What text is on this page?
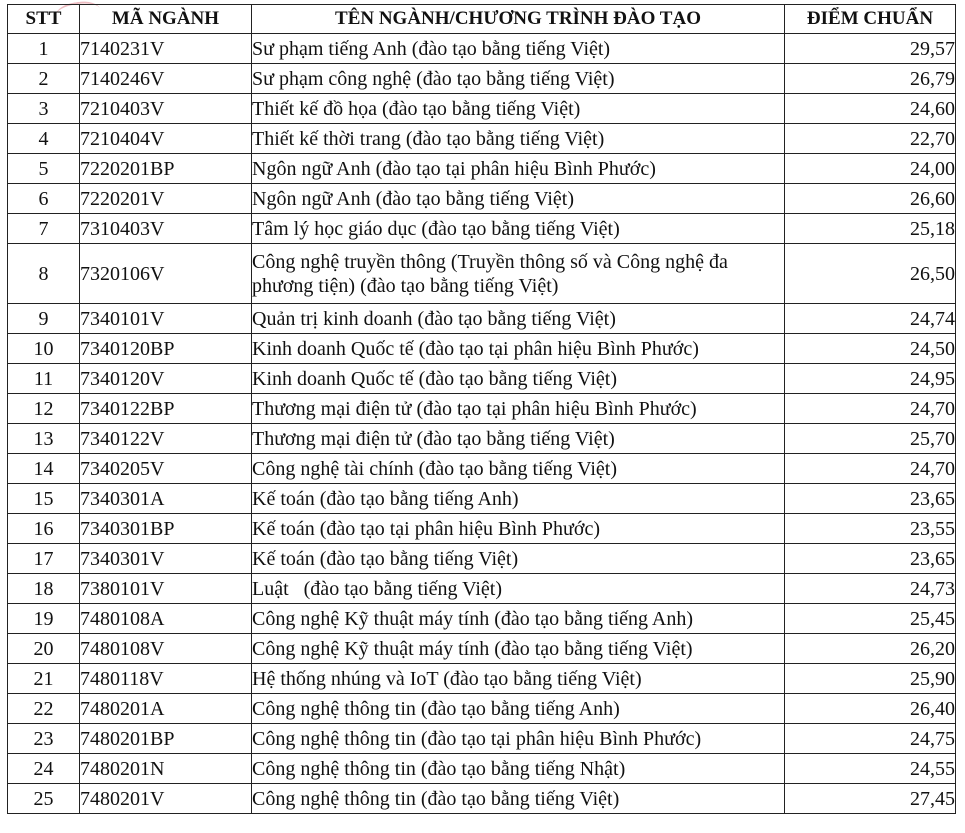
STT	MÃ NGÀNH	TÊN NGÀNH/CHƯƠNG TRÌNH ĐÀO TẠO	ĐIỂM CHUẨN
1	7140231V	Sư phạm tiếng Anh (đào tạo bằng tiếng Việt)	29,57
2	7140246V	Sư phạm công nghệ (đào tạo bằng tiếng Việt)	26,79
3	7210403V	Thiết kế đồ họa (đào tạo bằng tiếng Việt)	24,60
4	7210404V	Thiết kế thời trang (đào tạo bằng tiếng Việt)	22,70
5	7220201BP	Ngôn ngữ Anh (đào tạo tại phân hiệu Bình Phước)	24,00
6	7220201V	Ngôn ngữ Anh (đào tạo bằng tiếng Việt)	26,60
7	7310403V	Tâm lý học giáo dục (đào tạo bằng tiếng Việt)	25,18
8	7320106V	Công nghệ truyền thông (Truyền thông số và Công nghệ đa phương tiện) (đào tạo bằng tiếng Việt)	26,50
9	7340101V	Quản trị kinh doanh (đào tạo bằng tiếng Việt)	24,74
10	7340120BP	Kinh doanh Quốc tế (đào tạo tại phân hiệu Bình Phước)	24,50
11	7340120V	Kinh doanh Quốc tế (đào tạo bằng tiếng Việt)	24,95
12	7340122BP	Thương mại điện tử (đào tạo tại phân hiệu Bình Phước)	24,70
13	7340122V	Thương mại điện tử (đào tạo bằng tiếng Việt)	25,70
14	7340205V	Công nghệ tài chính (đào tạo bằng tiếng Việt)	24,70
15	7340301A	Kế toán (đào tạo bằng tiếng Anh)	23,65
16	7340301BP	Kế toán (đào tạo tại phân hiệu Bình Phước)	23,55
17	7340301V	Kế toán (đào tạo bằng tiếng Việt)	23,65
18	7380101V	Luật   (đào tạo bằng tiếng Việt)	24,73
19	7480108A	Công nghệ Kỹ thuật máy tính (đào tạo bằng tiếng Anh)	25,45
20	7480108V	Công nghệ Kỹ thuật máy tính (đào tạo bằng tiếng Việt)	26,20
21	7480118V	Hệ thống nhúng và IoT (đào tạo bằng tiếng Việt)	25,90
22	7480201A	Công nghệ thông tin (đào tạo bằng tiếng Anh)	26,40
23	7480201BP	Công nghệ thông tin (đào tạo tại phân hiệu Bình Phước)	24,75
24	7480201N	Công nghệ thông tin (đào tạo bằng tiếng Nhật)	24,55
25	7480201V	Công nghệ thông tin (đào tạo bằng tiếng Việt)	27,45
